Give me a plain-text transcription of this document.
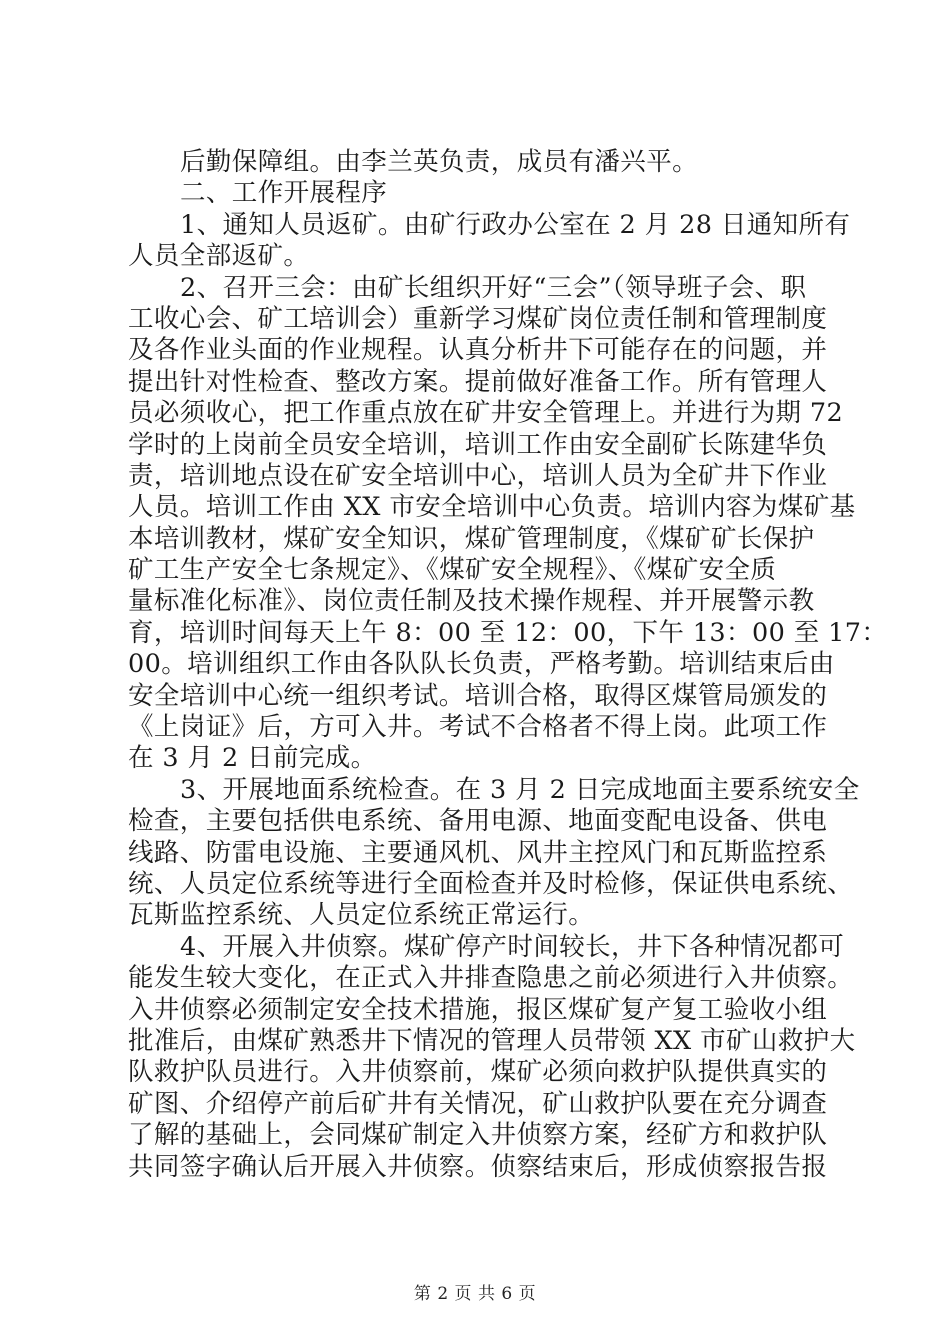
后勤保障组。由李兰英负责，成员有潘兴平。
二、工作开展程序
1、通知人员返矿。由矿行政办公室在 2 月 28 日通知所有
人员全部返矿。
2、召开三会：由矿长组织开好“三会”（领导班子会、职
工收心会、矿工培训会）重新学习煤矿岗位责任制和管理制度
及各作业头面的作业规程。认真分析井下可能存在的问题，并
提出针对性检查、整改方案。提前做好准备工作。所有管理人
员必须收心，把工作重点放在矿井安全管理上。并进行为期 72
学时的上岗前全员安全培训，培训工作由安全副矿长陈建华负
责，培训地点设在矿安全培训中心，培训人员为全矿井下作业
人员。培训工作由 XX 市安全培训中心负责。培训内容为煤矿基
本培训教材，煤矿安全知识，煤矿管理制度，《煤矿矿长保护
矿工生产安全七条规定》、《煤矿安全规程》、《煤矿安全质
量标准化标准》、岗位责任制及技术操作规程、并开展警示教
育，培训时间每天上午 8：00 至 12：00，下午 13：00 至 17：
00。培训组织工作由各队队长负责，严格考勤。培训结束后由
安全培训中心统一组织考试。培训合格，取得区煤管局颁发的
《上岗证》后，方可入井。考试不合格者不得上岗。此项工作
在 3 月 2 日前完成。
3、开展地面系统检查。在 3 月 2 日完成地面主要系统安全
检查，主要包括供电系统、备用电源、地面变配电设备、供电
线路、防雷电设施、主要通风机、风井主控风门和瓦斯监控系
统、人员定位系统等进行全面检查并及时检修，保证供电系统、
瓦斯监控系统、人员定位系统正常运行。
4、开展入井侦察。煤矿停产时间较长，井下各种情况都可
能发生较大变化，在正式入井排查隐患之前必须进行入井侦察。
入井侦察必须制定安全技术措施，报区煤矿复产复工验收小组
批准后，由煤矿熟悉井下情况的管理人员带领 XX 市矿山救护大
队救护队员进行。入井侦察前，煤矿必须向救护队提供真实的
矿图、介绍停产前后矿井有关情况，矿山救护队要在充分调查
了解的基础上，会同煤矿制定入井侦察方案，经矿方和救护队
共同签字确认后开展入井侦察。侦察结束后，形成侦察报告报
第 2 页 共 6 页
